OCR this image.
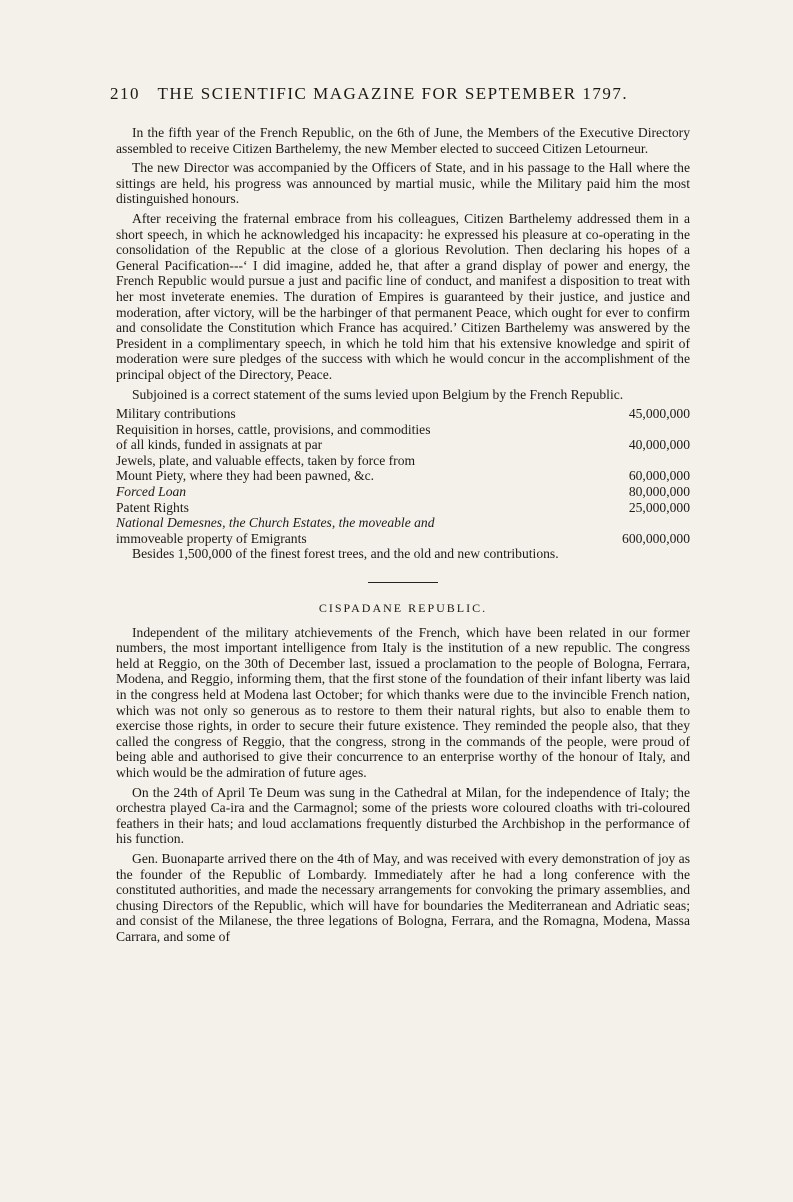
210 THE SCIENTIFIC MAGAZINE FOR SEPTEMBER 1797.

In the fifth year of the French Republic, on the 6th of June, the Members of the Executive Directory assembled to receive Citizen Barthelemy, the new Member elected to succeed Citizen Letourneur.

The new Director was accompanied by the Officers of State, and in his passage to the Hall where the sittings are held, his progress was announced by martial music, while the Military paid him the most distinguished honours.

After receiving the fraternal embrace from his colleagues, Citizen Barthelemy addressed them in a short speech, in which he acknowledged his incapacity: he expressed his pleasure at co-operating in the consolidation of the Republic at the close of a glorious Revolution. Then declaring his hopes of a General Pacification---‘ I did imagine, added he, that after a grand display of power and energy, the French Republic would pursue a just and pacific line of conduct, and manifest a disposition to treat with her most inveterate enemies. The duration of Empires is guaranteed by their justice, and justice and moderation, after victory, will be the harbinger of that permanent Peace, which ought for ever to confirm and consolidate the Constitution which France has acquired.’ Citizen Barthelemy was answered by the President in a complimentary speech, in which he told him that his extensive knowledge and spirit of moderation were sure pledges of the success with which he would concur in the accomplishment of the principal object of the Directory, Peace.

Subjoined is a correct statement of the sums levied upon Belgium by the French Republic.

Military contributions	45,000,000
Requisition in horses, cattle, provisions, and commodities	
of all kinds, funded in assignats at par	40,000,000
Jewels, plate, and valuable effects, taken by force from	
Mount Piety, where they had been pawned, &c.	60,000,000
Forced Loan	80,000,000
Patent Rights	25,000,000
National Demesnes, the Church Estates, the moveable and	
immoveable property of Emigrants	600,000,000

Besides 1,500,000 of the finest forest trees, and the old and new contributions.

CISPADANE REPUBLIC.

Independent of the military atchievements of the French, which have been related in our former numbers, the most important intelligence from Italy is the institution of a new republic. The congress held at Reggio, on the 30th of December last, issued a proclamation to the people of Bologna, Ferrara, Modena, and Reggio, informing them, that the first stone of the foundation of their infant liberty was laid in the congress held at Modena last October; for which thanks were due to the invincible French nation, which was not only so generous as to restore to them their natural rights, but also to enable them to exercise those rights, in order to secure their future existence. They reminded the people also, that they called the congress of Reggio, that the congress, strong in the commands of the people, were proud of being able and authorised to give their concurrence to an enterprise worthy of the honour of Italy, and which would be the admiration of future ages.

On the 24th of April Te Deum was sung in the Cathedral at Milan, for the independence of Italy; the orchestra played Ca-ira and the Carmagnol; some of the priests wore coloured cloaths with tri-coloured feathers in their hats; and loud acclamations frequently disturbed the Archbishop in the performance of his function.

Gen. Buonaparte arrived there on the 4th of May, and was received with every demonstration of joy as the founder of the Republic of Lombardy. Immediately after he had a long conference with the constituted authorities, and made the necessary arrangements for convoking the primary assemblies, and chusing Directors of the Republic, which will have for boundaries the Mediterranean and Adriatic seas; and consist of the Milanese, the three legations of Bologna, Ferrara, and the Romagna, Modena, Massa Carrara, and some of
